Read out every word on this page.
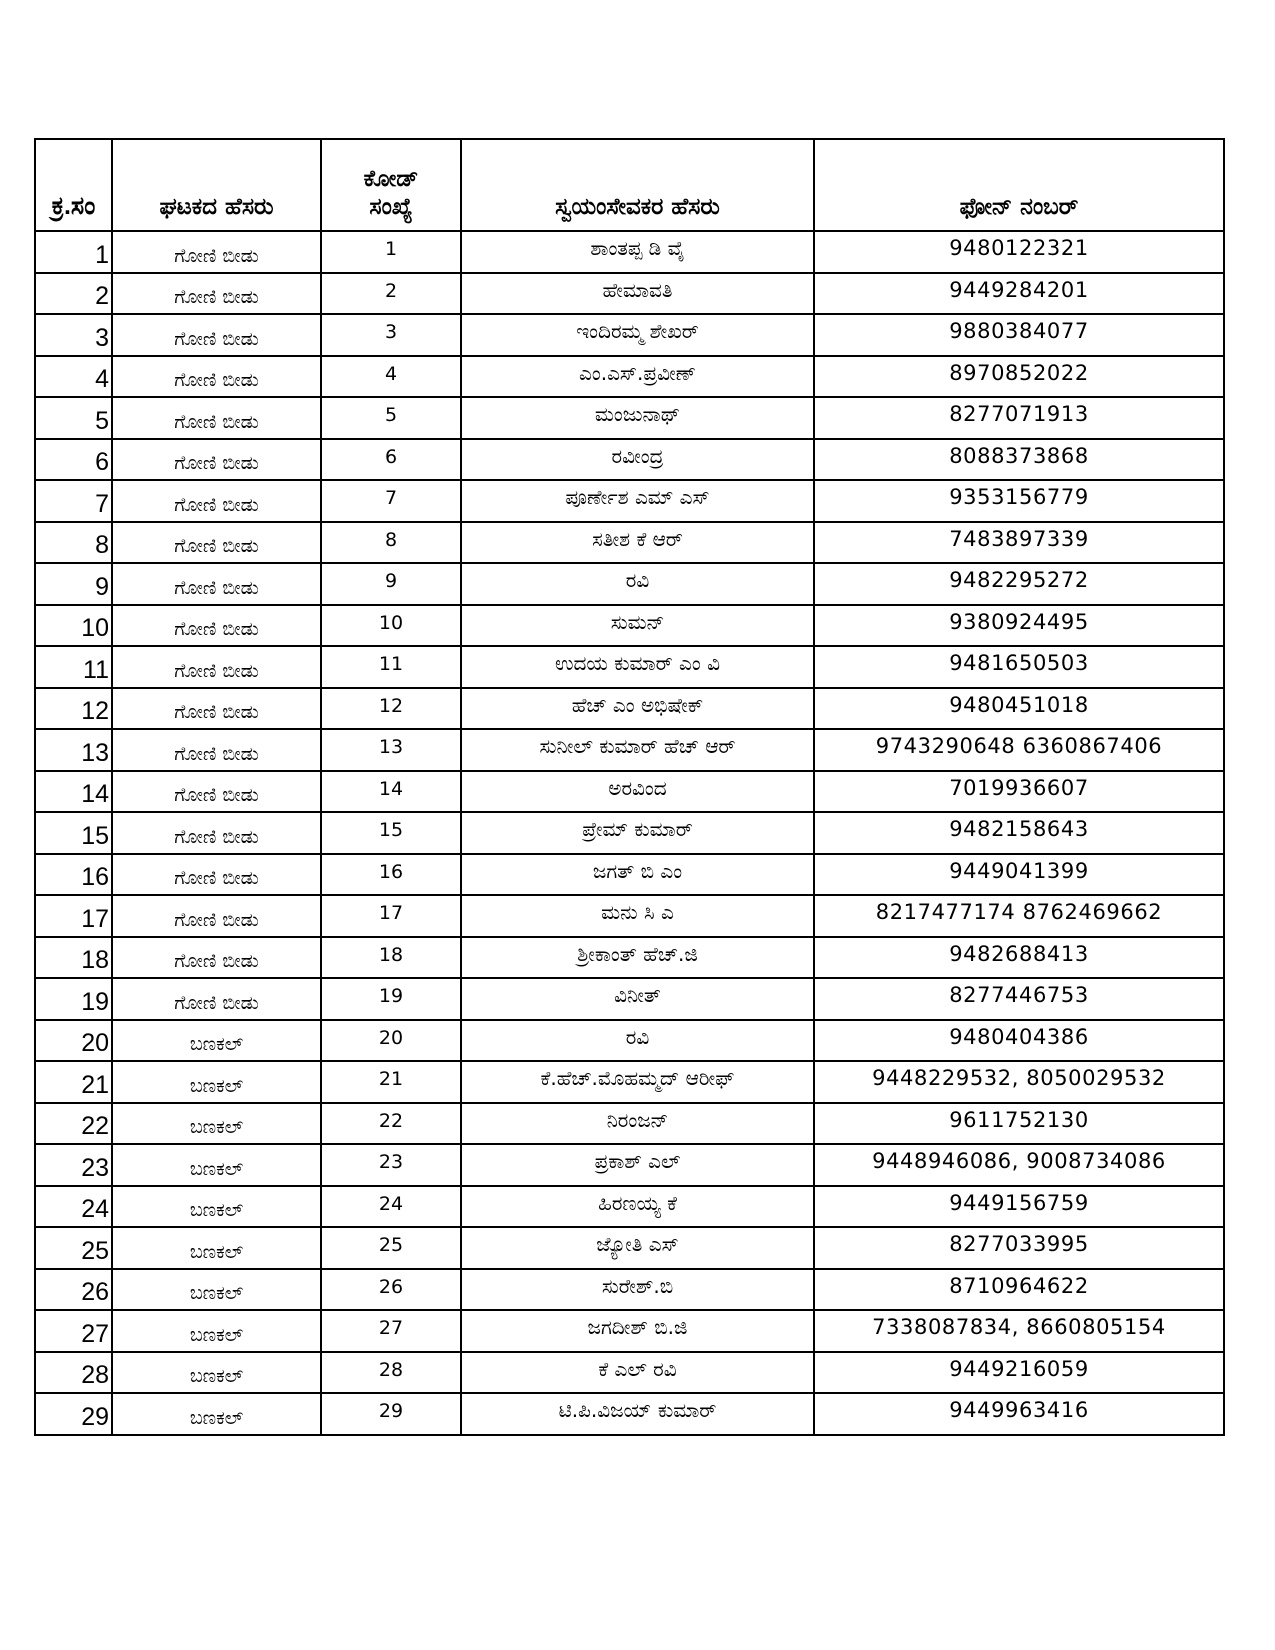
ಕ್ರ.ಸಂ	ಘಟಕದ ಹೆಸರು	ಕೋಡ್ ಸಂಖ್ಯೆ	ಸ್ವಯಂಸೇವಕರ ಹೆಸರು	ಫೋನ್ ನಂಬರ್
1	ಗೋಣಿ ಬೀಡು	1	ಶಾಂತಪ್ಪ ಡಿ ವೈ	9480122321
2	ಗೋಣಿ ಬೀಡು	2	ಹೇಮಾವತಿ	9449284201
3	ಗೋಣಿ ಬೀಡು	3	ಇಂದಿರಮ್ಮ ಶೇಖರ್	9880384077
4	ಗೋಣಿ ಬೀಡು	4	ಎಂ.ಎಸ್.ಪ್ರವೀಣ್	8970852022
5	ಗೋಣಿ ಬೀಡು	5	ಮಂಜುನಾಥ್	8277071913
6	ಗೋಣಿ ಬೀಡು	6	ರವೀಂದ್ರ	8088373868
7	ಗೋಣಿ ಬೀಡು	7	ಪೂರ್ಣೇಶ ಎಮ್ ಎಸ್	9353156779
8	ಗೋಣಿ ಬೀಡು	8	ಸತೀಶ ಕೆ ಆರ್	7483897339
9	ಗೋಣಿ ಬೀಡು	9	ರವಿ	9482295272
10	ಗೋಣಿ ಬೀಡು	10	ಸುಮನ್	9380924495
11	ಗೋಣಿ ಬೀಡು	11	ಉದಯ ಕುಮಾರ್ ಎಂ ವಿ	9481650503
12	ಗೋಣಿ ಬೀಡು	12	ಹೆಚ್ ಎಂ ಅಭಿಷೇಕ್	9480451018
13	ಗೋಣಿ ಬೀಡು	13	ಸುನೀಲ್ ಕುಮಾರ್ ಹೆಚ್ ಆರ್	9743290648 6360867406
14	ಗೋಣಿ ಬೀಡು	14	ಅರವಿಂದ	7019936607
15	ಗೋಣಿ ಬೀಡು	15	ಪ್ರೇಮ್ ಕುಮಾರ್	9482158643
16	ಗೋಣಿ ಬೀಡು	16	ಜಗತ್ ಬಿ ಎಂ	9449041399
17	ಗೋಣಿ ಬೀಡು	17	ಮನು ಸಿ ಎ	8217477174 8762469662
18	ಗೋಣಿ ಬೀಡು	18	ಶ್ರೀಕಾಂತ್ ಹೆಚ್.ಜಿ	9482688413
19	ಗೋಣಿ ಬೀಡು	19	ವಿನೀತ್	8277446753
20	ಬಣಕಲ್	20	ರವಿ	9480404386
21	ಬಣಕಲ್	21	ಕೆ.ಹೆಚ್.ಮೊಹಮ್ಮದ್ ಆರೀಫ್	9448229532, 8050029532
22	ಬಣಕಲ್	22	ನಿರಂಜನ್	9611752130
23	ಬಣಕಲ್	23	ಪ್ರಕಾಶ್ ಎಲ್	9448946086, 9008734086
24	ಬಣಕಲ್	24	ಹಿರಣಯ್ಯ ಕೆ	9449156759
25	ಬಣಕಲ್	25	ಜ್ಯೋತಿ ಎಸ್	8277033995
26	ಬಣಕಲ್	26	ಸುರೇಶ್.ಬಿ	8710964622
27	ಬಣಕಲ್	27	ಜಗದೀಶ್ ಬಿ.ಜಿ	7338087834, 8660805154
28	ಬಣಕಲ್	28	ಕೆ ಎಲ್ ರವಿ	9449216059
29	ಬಣಕಲ್	29	ಟಿ.ಪಿ.ವಿಜಯ್ ಕುಮಾರ್	9449963416
